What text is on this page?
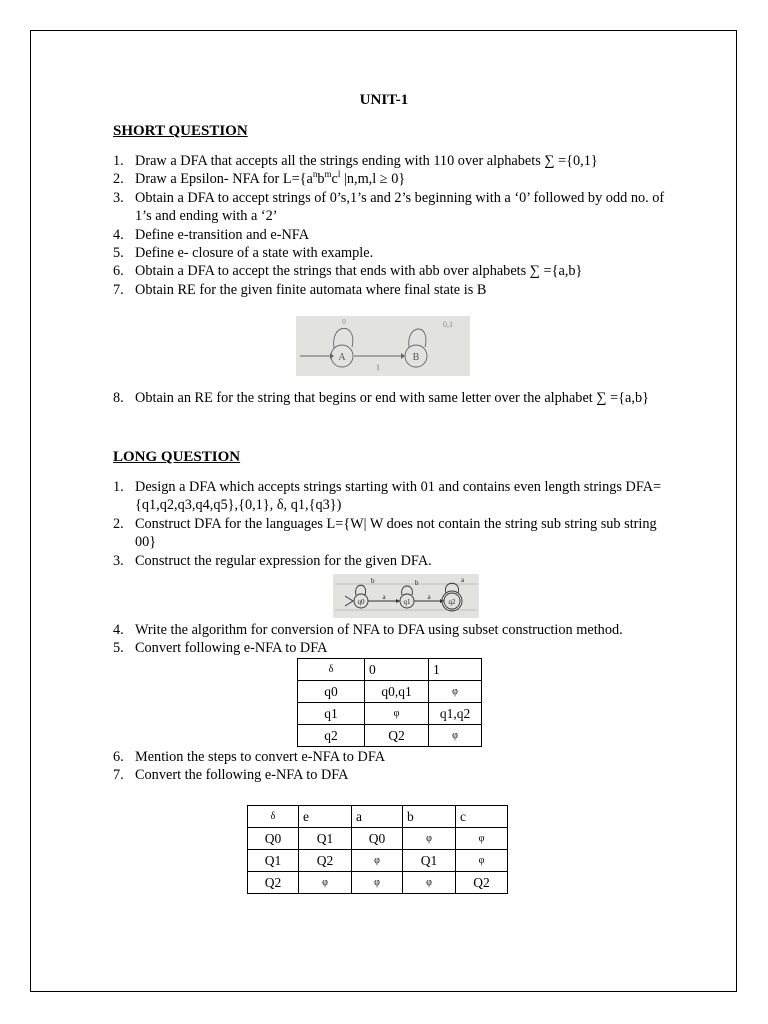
UNIT-1
SHORT QUESTION
1. Draw a DFA that accepts all the strings ending with 110 over alphabets ∑ ={0,1}
2. Draw a Epsilon- NFA for $L=\{a^nb^mc^l$ |n,m,l ≥ 0}
3. Obtain a DFA to accept strings of 0’s,1’s and 2’s beginning with a ‘0’ followed by odd no. of 1’s and ending with a ‘2’
4. Define e-transition and e-NFA
5. Define e- closure of a state with example.
6. Obtain a DFA to accept the strings that ends with abb over alphabets ∑ ={a,b}
7. Obtain RE for the given finite automata where final state is B
A	B
0	0,1
1
8. Obtain an RE for the string that begins or end with same letter over the alphabet ∑ ={a,b}
LONG QUESTION
1. Design a DFA which accepts strings starting with 01 and contains even length strings DFA={q1,q2,q3,q4,q5},{0,1}, δ, q1,{q3})
2. Construct DFA for the languages L={W| W does not contain the string sub string sub string 00}
3. Construct the regular expression for the given DFA.
q0	q1	q2
b	b	a
a	a
4. Write the algorithm for conversion of NFA to DFA using subset construction method.
5. Convert following e-NFA to DFA
δ	0	1
q0	q0,q1	φ
q1	φ	q1,q2
q2	Q2	φ
6. Mention the steps to convert e-NFA to DFA
7. Convert the following e-NFA to DFA
δ	e	a	b	c
Q0	Q1	Q0	φ	φ
Q1	Q2	φ	Q1	φ
Q2	φ	φ	φ	Q2
